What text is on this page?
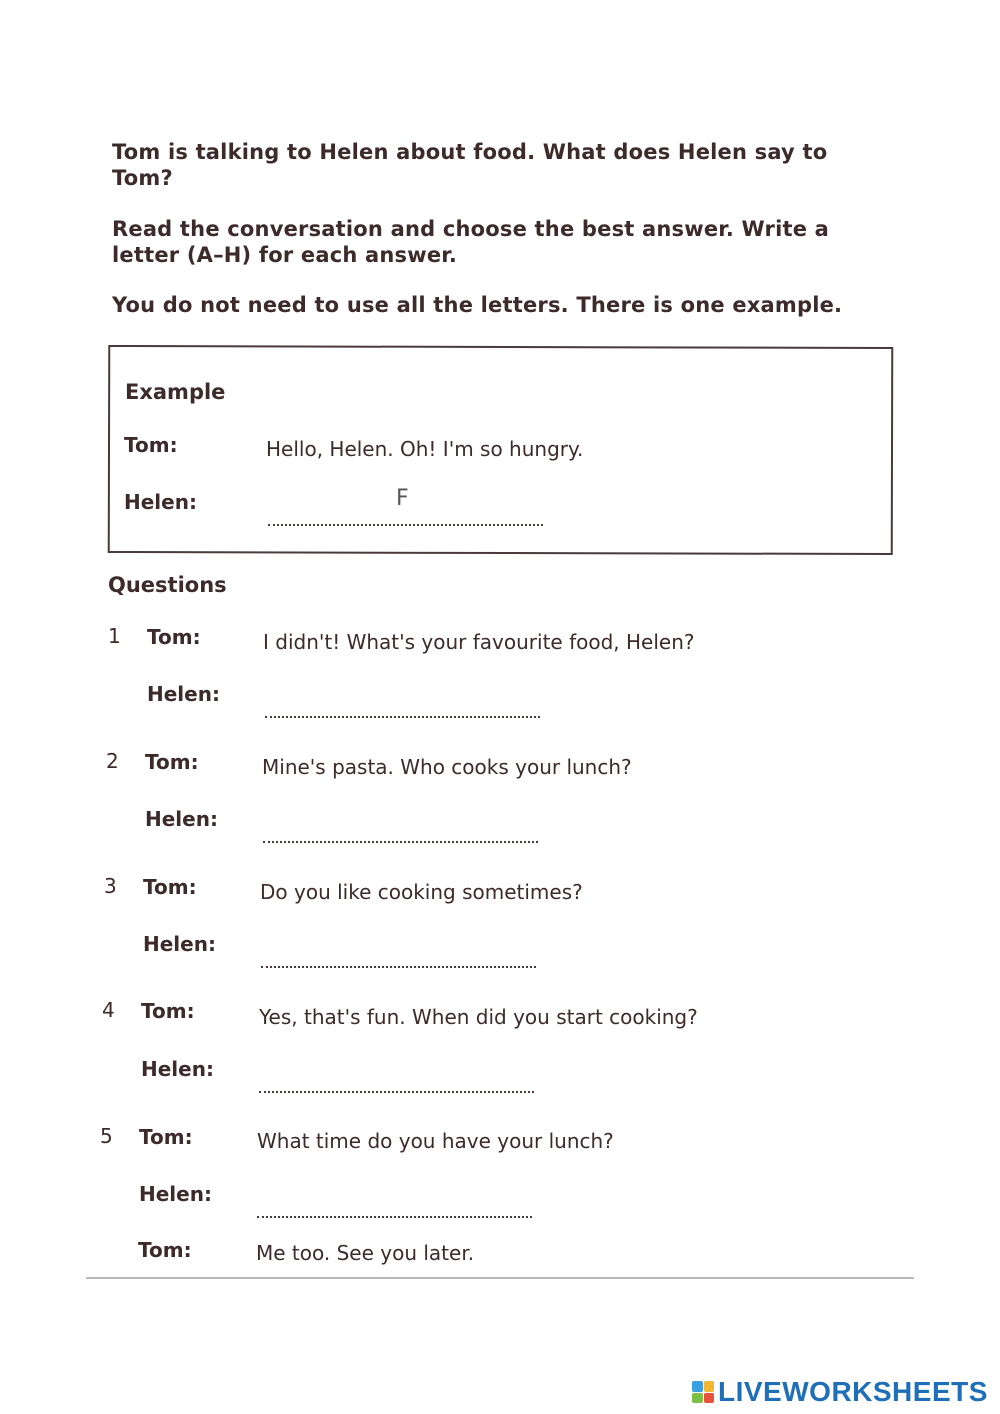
Tom is talking to Helen about food. What does Helen say to Tom?
Read the conversation and choose the best answer. Write a letter (A–H) for each answer.
You do not need to use all the letters. There is one example.
Example
Tom:	Hello, Helen. Oh! I'm so hungry.
Helen:	F
Questions
1 Tom:	I didn't! What's your favourite food, Helen?
Helen:
2 Tom:	Mine's pasta. Who cooks your lunch?
Helen:
3 Tom:	Do you like cooking sometimes?
Helen:
4 Tom:	Yes, that's fun. When did you start cooking?
Helen:
5 Tom:	What time do you have your lunch?
Helen:
Tom:	Me too. See you later.
LIVEWORKSHEETS
